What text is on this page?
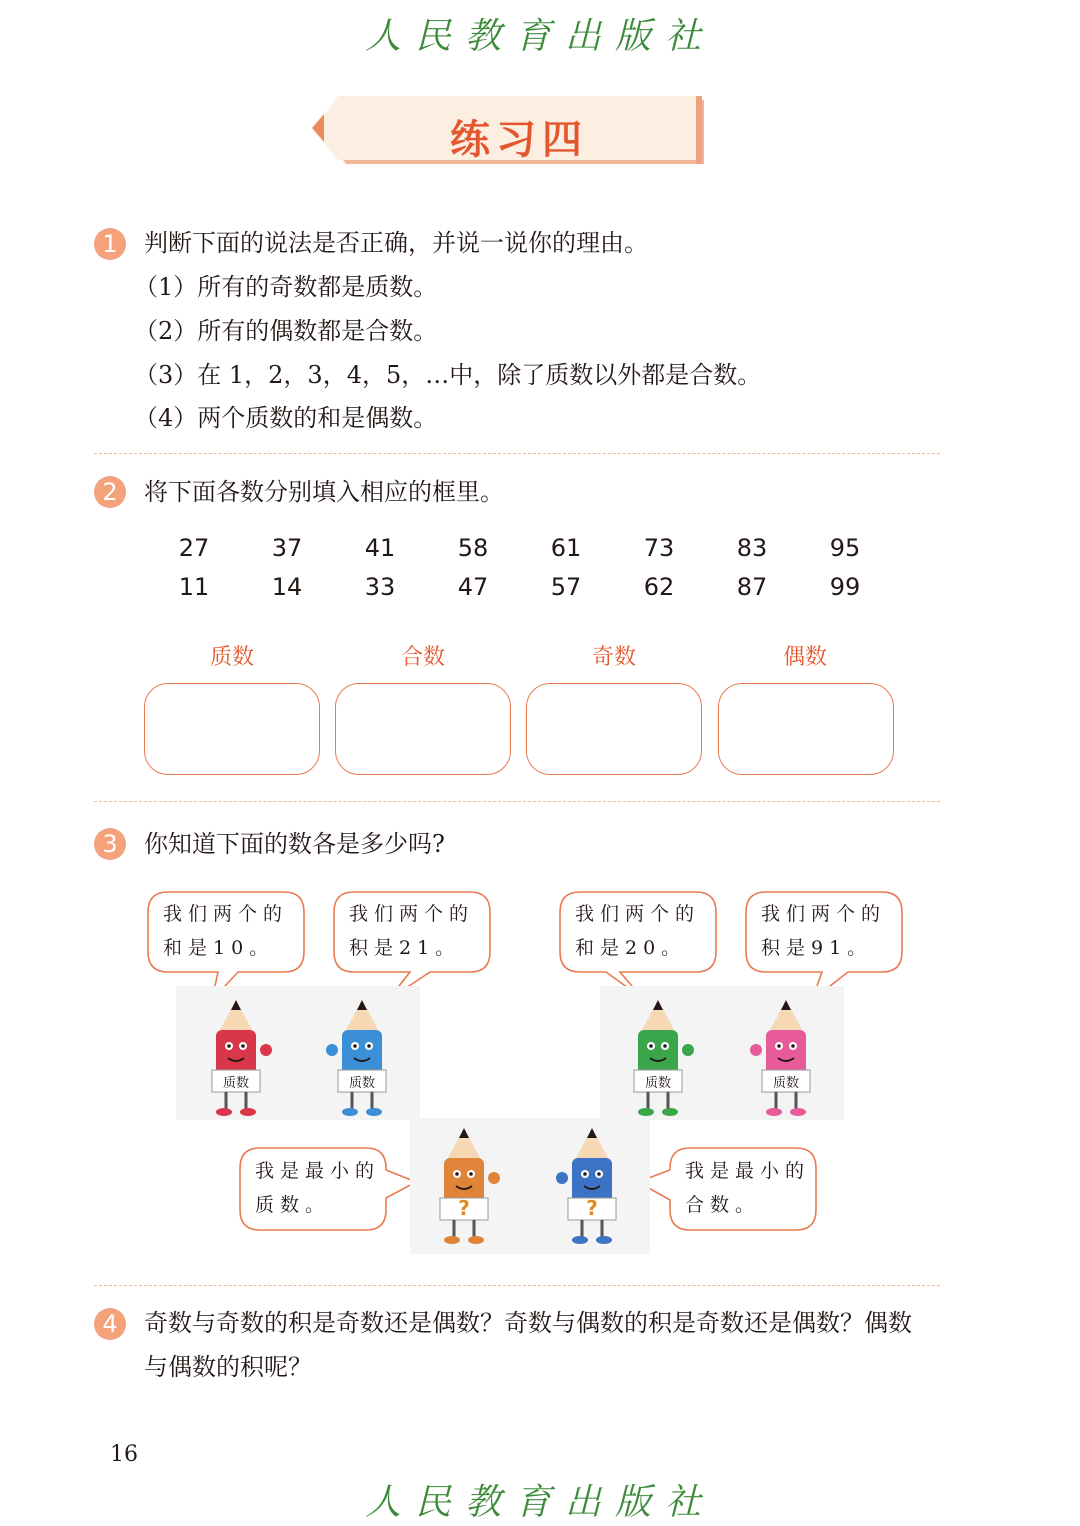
人民教育出版社
练习四
1	判断下面的说法是否正确，并说一说你的理由。
（1）所有的奇数都是质数。
（2）所有的偶数都是合数。
（3）在 1，2，3，4，5，…中，除了质数以外都是合数。
（4）两个质数的和是偶数。
2	将下面各数分别填入相应的框里。
27	37	41	58	61	73	83	95
11	14	33	47	57	62	87	99
质数	合数	奇数	偶数
3	你知道下面的数各是多少吗?
我们两个的
和是10。
我们两个的
积是21。
我们两个的
和是20。
我们两个的
积是91。
我是最小的
质数。
我是最小的
合数。
质数	质数	质数	质数
?	?
4	奇数与奇数的积是奇数还是偶数？奇数与偶数的积是奇数还是偶数？偶数
与偶数的积呢？
16
人民教育出版社
